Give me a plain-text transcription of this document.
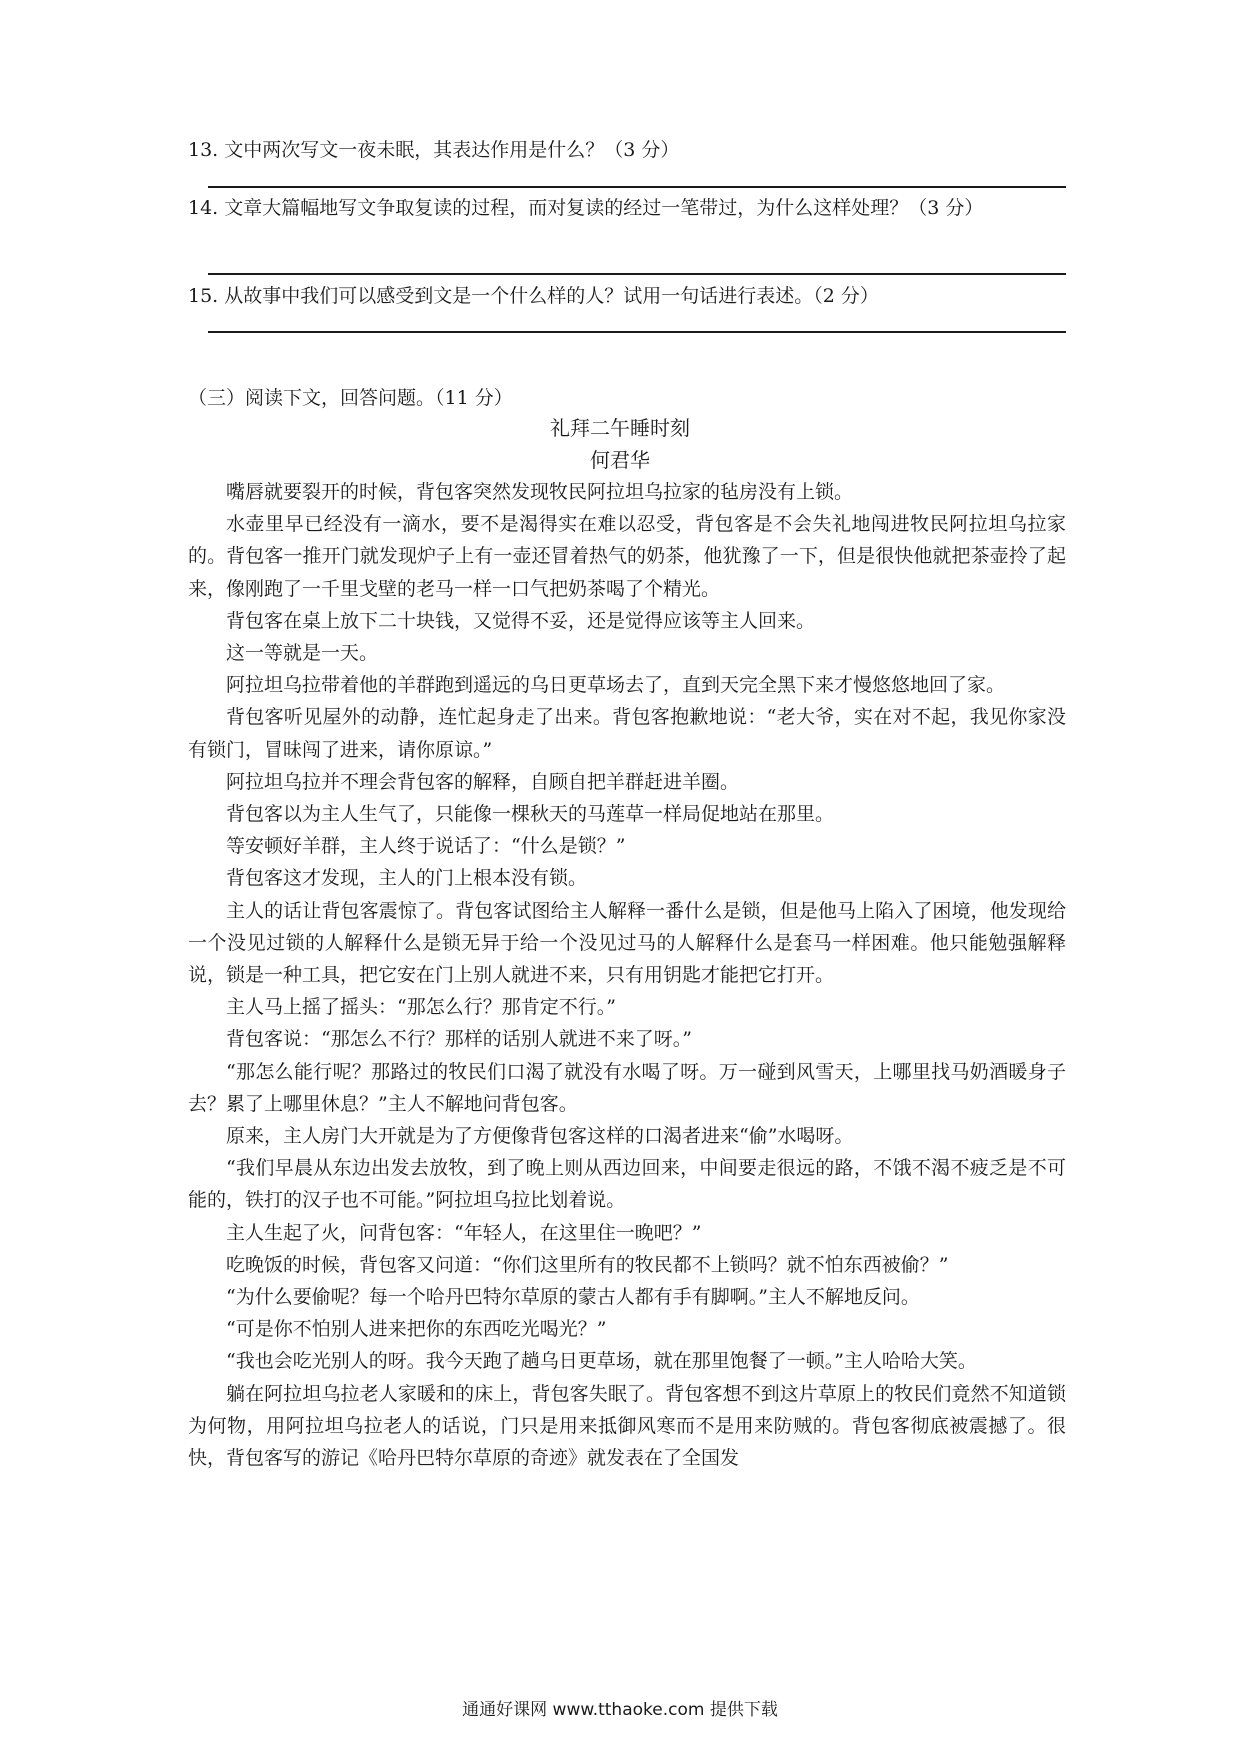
13. 文中两次写文一夜未眠，其表达作用是什么？（3 分）

14. 文章大篇幅地写文争取复读的过程，而对复读的经过一笔带过，为什么这样处理？（3 分）

15. 从故事中我们可以感受到文是一个什么样的人？试用一句话进行表述。（2 分）

（三）阅读下文，回答问题。（11 分）

礼拜二午睡时刻

何君华

嘴唇就要裂开的时候，背包客突然发现牧民阿拉坦乌拉家的毡房没有上锁。

水壶里早已经没有一滴水，要不是渴得实在难以忍受，背包客是不会失礼地闯进牧民阿拉坦乌拉家的。背包客一推开门就发现炉子上有一壶还冒着热气的奶茶，他犹豫了一下，但是很快他就把茶壶拎了起来，像刚跑了一千里戈壁的老马一样一口气把奶茶喝了个精光。

背包客在桌上放下二十块钱，又觉得不妥，还是觉得应该等主人回来。

这一等就是一天。

阿拉坦乌拉带着他的羊群跑到遥远的乌日更草场去了，直到天完全黑下来才慢悠悠地回了家。

背包客听见屋外的动静，连忙起身走了出来。背包客抱歉地说：“老大爷，实在对不起，我见你家没有锁门，冒昧闯了进来，请你原谅。”

阿拉坦乌拉并不理会背包客的解释，自顾自把羊群赶进羊圈。

背包客以为主人生气了，只能像一棵秋天的马莲草一样局促地站在那里。

等安顿好羊群，主人终于说话了：“什么是锁？”

背包客这才发现，主人的门上根本没有锁。

主人的话让背包客震惊了。背包客试图给主人解释一番什么是锁，但是他马上陷入了困境，他发现给一个没见过锁的人解释什么是锁无异于给一个没见过马的人解释什么是套马一样困难。他只能勉强解释说，锁是一种工具，把它安在门上别人就进不来，只有用钥匙才能把它打开。

主人马上摇了摇头：“那怎么行？那肯定不行。”

背包客说：“那怎么不行？那样的话别人就进不来了呀。”

“那怎么能行呢？那路过的牧民们口渴了就没有水喝了呀。万一碰到风雪天，上哪里找马奶酒暖身子去？累了上哪里休息？”主人不解地问背包客。

原来，主人房门大开就是为了方便像背包客这样的口渴者进来“偷”水喝呀。

“我们早晨从东边出发去放牧，到了晚上则从西边回来，中间要走很远的路，不饿不渴不疲乏是不可能的，铁打的汉子也不可能。”阿拉坦乌拉比划着说。

主人生起了火，问背包客：“年轻人，在这里住一晚吧？”

吃晚饭的时候，背包客又问道：“你们这里所有的牧民都不上锁吗？就不怕东西被偷？”

“为什么要偷呢？每一个哈丹巴特尔草原的蒙古人都有手有脚啊。”主人不解地反问。

“可是你不怕别人进来把你的东西吃光喝光？”

“我也会吃光别人的呀。我今天跑了趟乌日更草场，就在那里饱餐了一顿。”主人哈哈大笑。

躺在阿拉坦乌拉老人家暖和的床上，背包客失眠了。背包客想不到这片草原上的牧民们竟然不知道锁为何物，用阿拉坦乌拉老人的话说，门只是用来抵御风寒而不是用来防贼的。背包客彻底被震撼了。很快，背包客写的游记《哈丹巴特尔草原的奇迹》就发表在了全国发

通通好课网 www.tthaoke.com 提供下载
